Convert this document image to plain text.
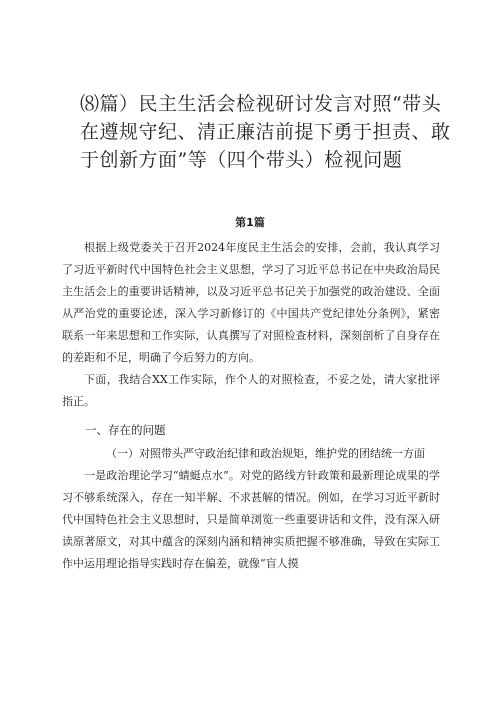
⑻篇）民主生活会检视研讨发言对照“带头在遵规守纪、清正廉洁前提下勇于担责、敢于创新方面”等（四个带头）检视问题
第1篇

根据上级党委关于召开2024年度民主生活会的安排，会前，我认真学习了习近平新时代中国特色社会主义思想，学习了习近平总书记在中央政治局民主生活会上的重要讲话精神，以及习近平总书记关于加强党的政治建设、全面从严治党的重要论述，深入学习新修订的《中国共产党纪律处分条例》，紧密联系一年来思想和工作实际，认真撰写了对照检查材料，深刻剖析了自身存在的差距和不足，明确了今后努力的方向。

下面，我结合XX工作实际，作个人的对照检查，不妥之处，请大家批评指正。

一、存在的问题

（一）对照带头严守政治纪律和政治规矩，维护党的团结统一方面

一是政治理论学习“蜻蜓点水”。对党的路线方针政策和最新理论成果的学习不够系统深入，存在一知半解、不求甚解的情况。例如，在学习习近平新时代中国特色社会主义思想时，只是简单浏览一些重要讲话和文件，没有深入研读原著原文，对其中蕴含的深刻内涵和精神实质把握不够准确，导致在实际工作中运用理论指导实践时存在偏差，就像“盲人摸
